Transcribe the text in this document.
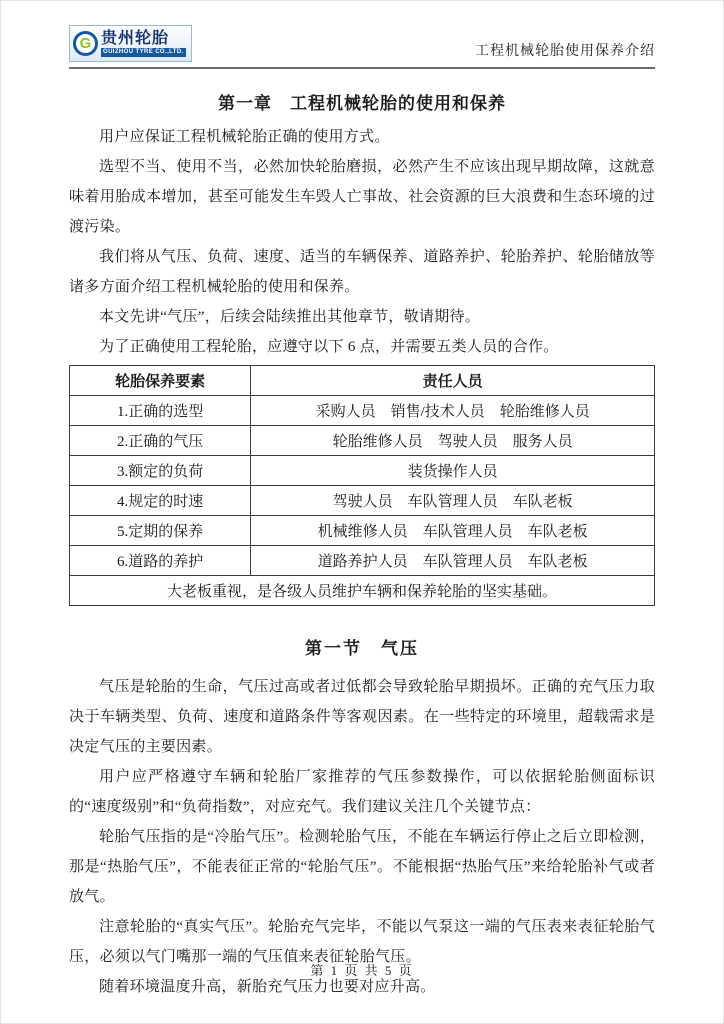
G 贵州轮胎
GUIZHOU TYRE CO.,LTD.	工程机械轮胎使用保养介绍
第一章　工程机械轮胎的使用和保养

用户应保证工程机械轮胎正确的使用方式。

选型不当、使用不当，必然加快轮胎磨损，必然产生不应该出现早期故障，这就意味着用胎成本增加，甚至可能发生车毁人亡事故、社会资源的巨大浪费和生态环境的过渡污染。

我们将从气压、负荷、速度、适当的车辆保养、道路养护、轮胎养护、轮胎储放等诸多方面介绍工程机械轮胎的使用和保养。

本文先讲“气压”，后续会陆续推出其他章节，敬请期待。

为了正确使用工程轮胎，应遵守以下 6 点，并需要五类人员的合作。

轮胎保养要素	责任人员
1.正确的选型	采购人员　销售/技术人员　轮胎维修人员
2.正确的气压	轮胎维修人员　驾驶人员　服务人员
3.额定的负荷	装货操作人员
4.规定的时速	驾驶人员　车队管理人员　车队老板
5.定期的保养	机械维修人员　车队管理人员　车队老板
6.道路的养护	道路养护人员　车队管理人员　车队老板
大老板重视，是各级人员维护车辆和保养轮胎的坚实基础。	
第一节　气压

气压是轮胎的生命，气压过高或者过低都会导致轮胎早期损坏。正确的充气压力取决于车辆类型、负荷、速度和道路条件等客观因素。在一些特定的环境里，超载需求是决定气压的主要因素。

用户应严格遵守车辆和轮胎厂家推荐的气压参数操作，可以依据轮胎侧面标识的“速度级别”和“负荷指数”，对应充气。我们建议关注几个关键节点：

轮胎气压指的是“冷胎气压”。检测轮胎气压，不能在车辆运行停止之后立即检测，那是“热胎气压”，不能表征正常的“轮胎气压”。不能根据“热胎气压”来给轮胎补气或者放气。

注意轮胎的“真实气压”。轮胎充气完毕，不能以气泵这一端的气压表来表征轮胎气压，必须以气门嘴那一端的气压值来表征轮胎气压。

随着环境温度升高，新胎充气压力也要对应升高。

第 1 页 共 5 页
